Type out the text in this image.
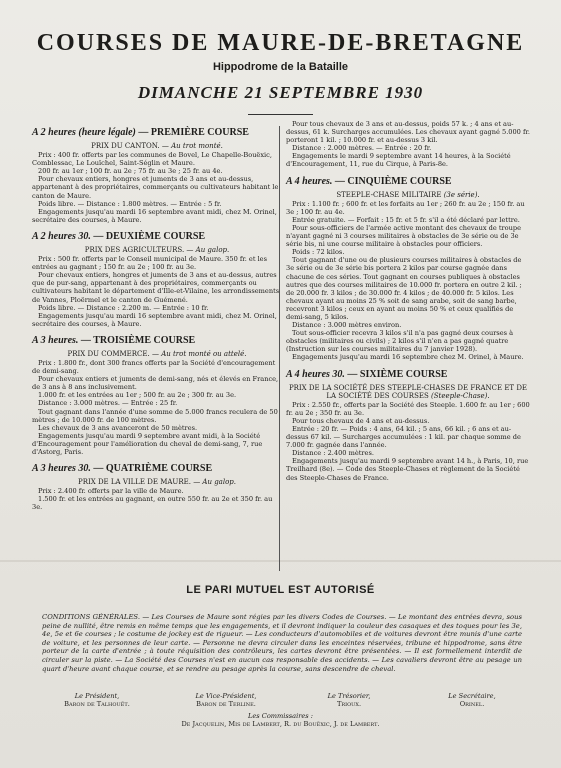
COURSES DE MAURE-DE-BRETAGNE
Hippodrome de la Bataille
DIMANCHE 21 SEPTEMBRE 1930
A 2 heures (heure légale) — PREMIÈRE COURSE
PRIX DU CANTON. — Au trot monté.

Prix : 400 fr. offerts par les communes de Bovel, Le Chapelle-Bouëxic, Comblessac, Le Louïchel, Saint-Séglin et Maure.

200 fr. au 1er ; 100 fr. au 2e ; 75 fr. au 3e ; 25 fr. au 4e.

Pour chevaux entiers, hongres et juments de 3 ans et au-dessus, appartenant à des propriétaires, commerçants ou cultivateurs habitant le canton de Maure.

Poids libre. — Distance : 1.800 mètres. — Entrée : 5 fr.

Engagements jusqu'au mardi 16 septembre avant midi, chez M. Orinel, secrétaire des courses, à Maure.

A 2 heures 30. — DEUXIÈME COURSE
PRIX DES AGRICULTEURS. — Au galop.

Prix : 500 fr. offerts par le Conseil municipal de Maure. 350 fr. et les entrées au gagnant ; 150 fr. au 2e ; 100 fr. au 3e.

Pour chevaux entiers, hongres et juments de 3 ans et au-dessus, autres que de pur-sang, appartenant à des propriétaires, commerçants ou cultivateurs habitant le département d'Ille-et-Vilaine, les arrondissements de Vannes, Ploërmel et le canton de Guémené.

Poids libre. — Distance : 2.200 m. — Entrée : 10 fr.

Engagements jusqu'au mardi 16 septembre avant midi, chez M. Orinel, secrétaire des courses, à Maure.

A 3 heures. — TROISIÈME COURSE
PRIX DU COMMERCE. — Au trot monté ou attelé.

Prix : 1.800 fr., dont 300 francs offerts par la Société d'encouragement de demi-sang.

Pour chevaux entiers et juments de demi-sang, nés et élevés en France, de 3 ans à 8 ans inclusivement.

1.000 fr. et les entrées au 1er ; 500 fr. au 2e ; 300 fr. au 3e.

Distance : 3.000 mètres. — Entrée : 25 fr.

Tout gagnant dans l'année d'une somme de 5.000 francs reculera de 50 mètres ; de 10.000 fr. de 100 mètres.

Les chevaux de 3 ans avanceront de 50 mètres.

Engagements jusqu'au mardi 9 septembre avant midi, à la Société d'Encouragement pour l'amélioration du cheval de demi-sang, 7, rue d'Astorg, Paris.

A 3 heures 30. — QUATRIÈME COURSE
PRIX DE LA VILLE DE MAURE. — Au galop.

Prix : 2.400 fr. offerts par la ville de Maure.

1.500 fr. et les entrées au gagnant, en outre 550 fr. au 2e et 350 fr. au 3e.

Pour tous chevaux de 3 ans et au-dessus, poids 57 k. ; 4 ans et au-dessus, 61 k. Surcharges accumulées. Les chevaux ayant gagné 5.000 fr. porteront 1 kil. ; 10.000 fr. et au-dessus 3 kil.

Distance : 2.000 mètres. — Entrée : 20 fr.

Engagements le mardi 9 septembre avant 14 heures, à la Société d'Encouragement, 11, rue du Cirque, à Paris-8e.

A 4 heures. — CINQUIÈME COURSE
STEEPLE-CHASE MILITAIRE (3e série).

Prix : 1.100 fr. ; 600 fr. et les forfaits au 1er ; 260 fr. au 2e ; 150 fr. au 3e ; 100 fr. au 4e.

Entrée gratuite. — Forfait : 15 fr. et 5 fr. s'il a été déclaré par lettre.

Pour sous-officiers de l'armée active montant des chevaux de troupe n'ayant gagné ni 3 courses militaires à obstacles de 3e série ou de 3e série bis, ni une course militaire à obstacles pour officiers.

Poids : 72 kilos.

Tout gagnant d'une ou de plusieurs courses militaires à obstacles de 3e série ou de 3e série bis portera 2 kilos par course gagnée dans chacune de ces séries. Tout gagnant en courses publiques à obstacles autres que des courses militaires de 10.000 fr. portera en outre 2 kil. ; de 20.000 fr. 3 kilos ; de 30.000 fr. 4 kilos ; de 40.000 fr. 5 kilos. Les chevaux ayant au moins 25 % soit de sang arabe, soit de sang barbe, recevront 3 kilos ; ceux en ayant au moins 50 % et ceux qualifiés de demi-sang, 5 kilos.

Distance : 3.000 mètres environ.

Tout sous-officier recevra 3 kilos s'il n'a pas gagné deux courses à obstacles (militaires ou civils) ; 2 kilos s'il n'en a pas gagné quatre (Instruction sur les courses militaires du 7 janvier 1928).

Engagements jusqu'au mardi 16 septembre chez M. Orinel, à Maure.

A 4 heures 30. — SIXIÈME COURSE
PRIX DE LA SOCIÉTÉ DES STEEPLE-CHASES DE FRANCE ET DE LA SOCIÉTÉ DES COURSES (Steeple-Chase).

Prix : 2.550 fr., offerts par la Société des Steeple. 1.600 fr. au 1er ; 600 fr. au 2e ; 350 fr. au 3e.

Pour tous chevaux de 4 ans et au-dessus.

Entrée : 20 fr. — Poids : 4 ans, 64 kil. ; 5 ans, 66 kil. ; 6 ans et au-dessus 67 kil. — Surcharges accumulées : 1 kil. par chaque somme de 7.000 fr. gagnée dans l'année.

Distance : 2.400 mètres.

Engagements jusqu'au mardi 9 septembre avant 14 h., à Paris, 10, rue Treilhard (8e). — Code des Steeple-Chases et règlement de la Société des Steeple-Chases de France.

LE PARI MUTUEL EST AUTORISÉ
CONDITIONS GÉNÉRALES. — Les Courses de Maure sont régies par les divers Codes de Courses. — Le montant des entrées devra, sous peine de nullité, être remis en même temps que les engagements, et il devront indiquer la couleur des casaques et des toques pour les 3e, 4e, 5e et 6e courses ; le costume de jockey est de rigueur. — Les conducteurs d'automobiles et de voitures devront être munis d'une carte de voiture, et les personnes de leur carte. — Personne ne devra circuler dans les enceintes réservées, tribune et hippodrome, sans être porteur de la carte d'entrée ; à toute réquisition des contrôleurs, les cartes devront être présentées. — Il est formellement interdit de circuler sur la piste. — La Société des Courses n'est en aucun cas responsable des accidents. — Les cavaliers devront être au pesage un quart d'heure avant chaque course, et se rendre au pesage après la course, sans descendre de cheval.
Le Président,
Baron de Talhouët.
Le Vice-Président,
Baron de Terline.
Le Trésorier,
Trioux.
Le Secrétaire,
Orinel.
Les Commissaires :
De Jacquelin, Mis de Lambert, R. du Bouëxic, J. de Lambert.
